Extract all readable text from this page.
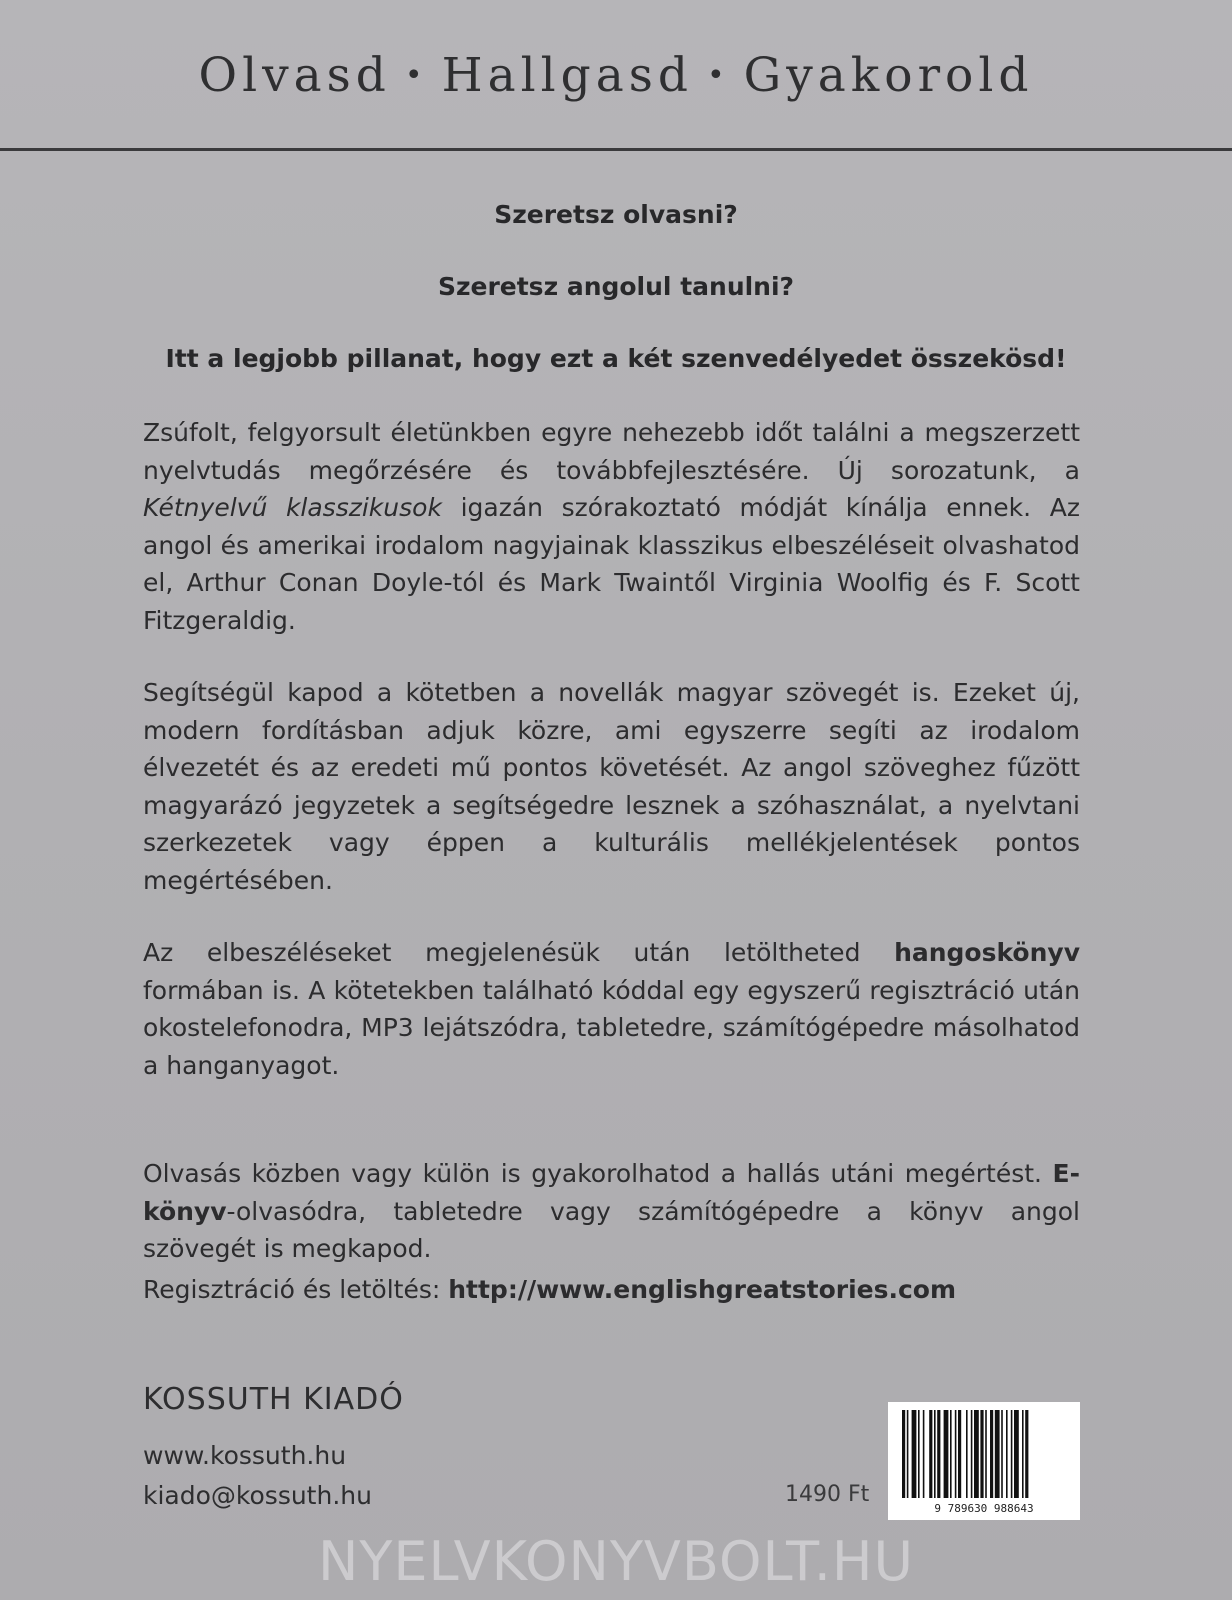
Olvasd • Hallgasd • Gyakorold
Szeretsz olvasni?
Szeretsz angolul tanulni?
Itt a legjobb pillanat, hogy ezt a két szenvedélyedet összekösd!
Zsúfolt, felgyorsult életünkben egyre nehezebb időt találni a megszerzett nyelvtudás megőrzésére és továbbfejlesztésére. Új sorozatunk, a Kétnyelvű klasszikusok igazán szórakoztató módját kínálja ennek. Az angol és amerikai irodalom nagyjainak klasszikus elbeszéléseit olvashatod el, Arthur Conan Doyle-tól és Mark Twaintől Virginia Woolfig és F. Scott Fitzgeraldig.
Segítségül kapod a kötetben a novellák magyar szövegét is. Ezeket új, modern fordításban adjuk közre, ami egyszerre segíti az irodalom élvezetét és az eredeti mű pontos követését. Az angol szöveghez fűzött magyarázó jegyzetek a segítségedre lesznek a szóhasználat, a nyelvtani szerkezetek vagy éppen a kulturális mellékjelentések pontos megértésében.
Az elbeszéléseket megjelenésük után letöltheted hangoskönyv formában is. A kötetekben található kóddal egy egyszerű regisztráció után okostelefonodra, MP3 lejátszódra, tabletedre, számítógépedre másolhatod a hanganyagot.
Olvasás közben vagy külön is gyakorolhatod a hallás utáni megértést. E-könyv-olvasódra, tabletedre vagy számítógépedre a könyv angol szövegét is megkapod.
Regisztráció és letöltés: http://www.englishgreatstories.com
KOSSUTH KIADÓ
www.kossuth.hu
kiado@kossuth.hu	1490 Ft
9 789630 988643
NYELVKONYVBOLT.HU
